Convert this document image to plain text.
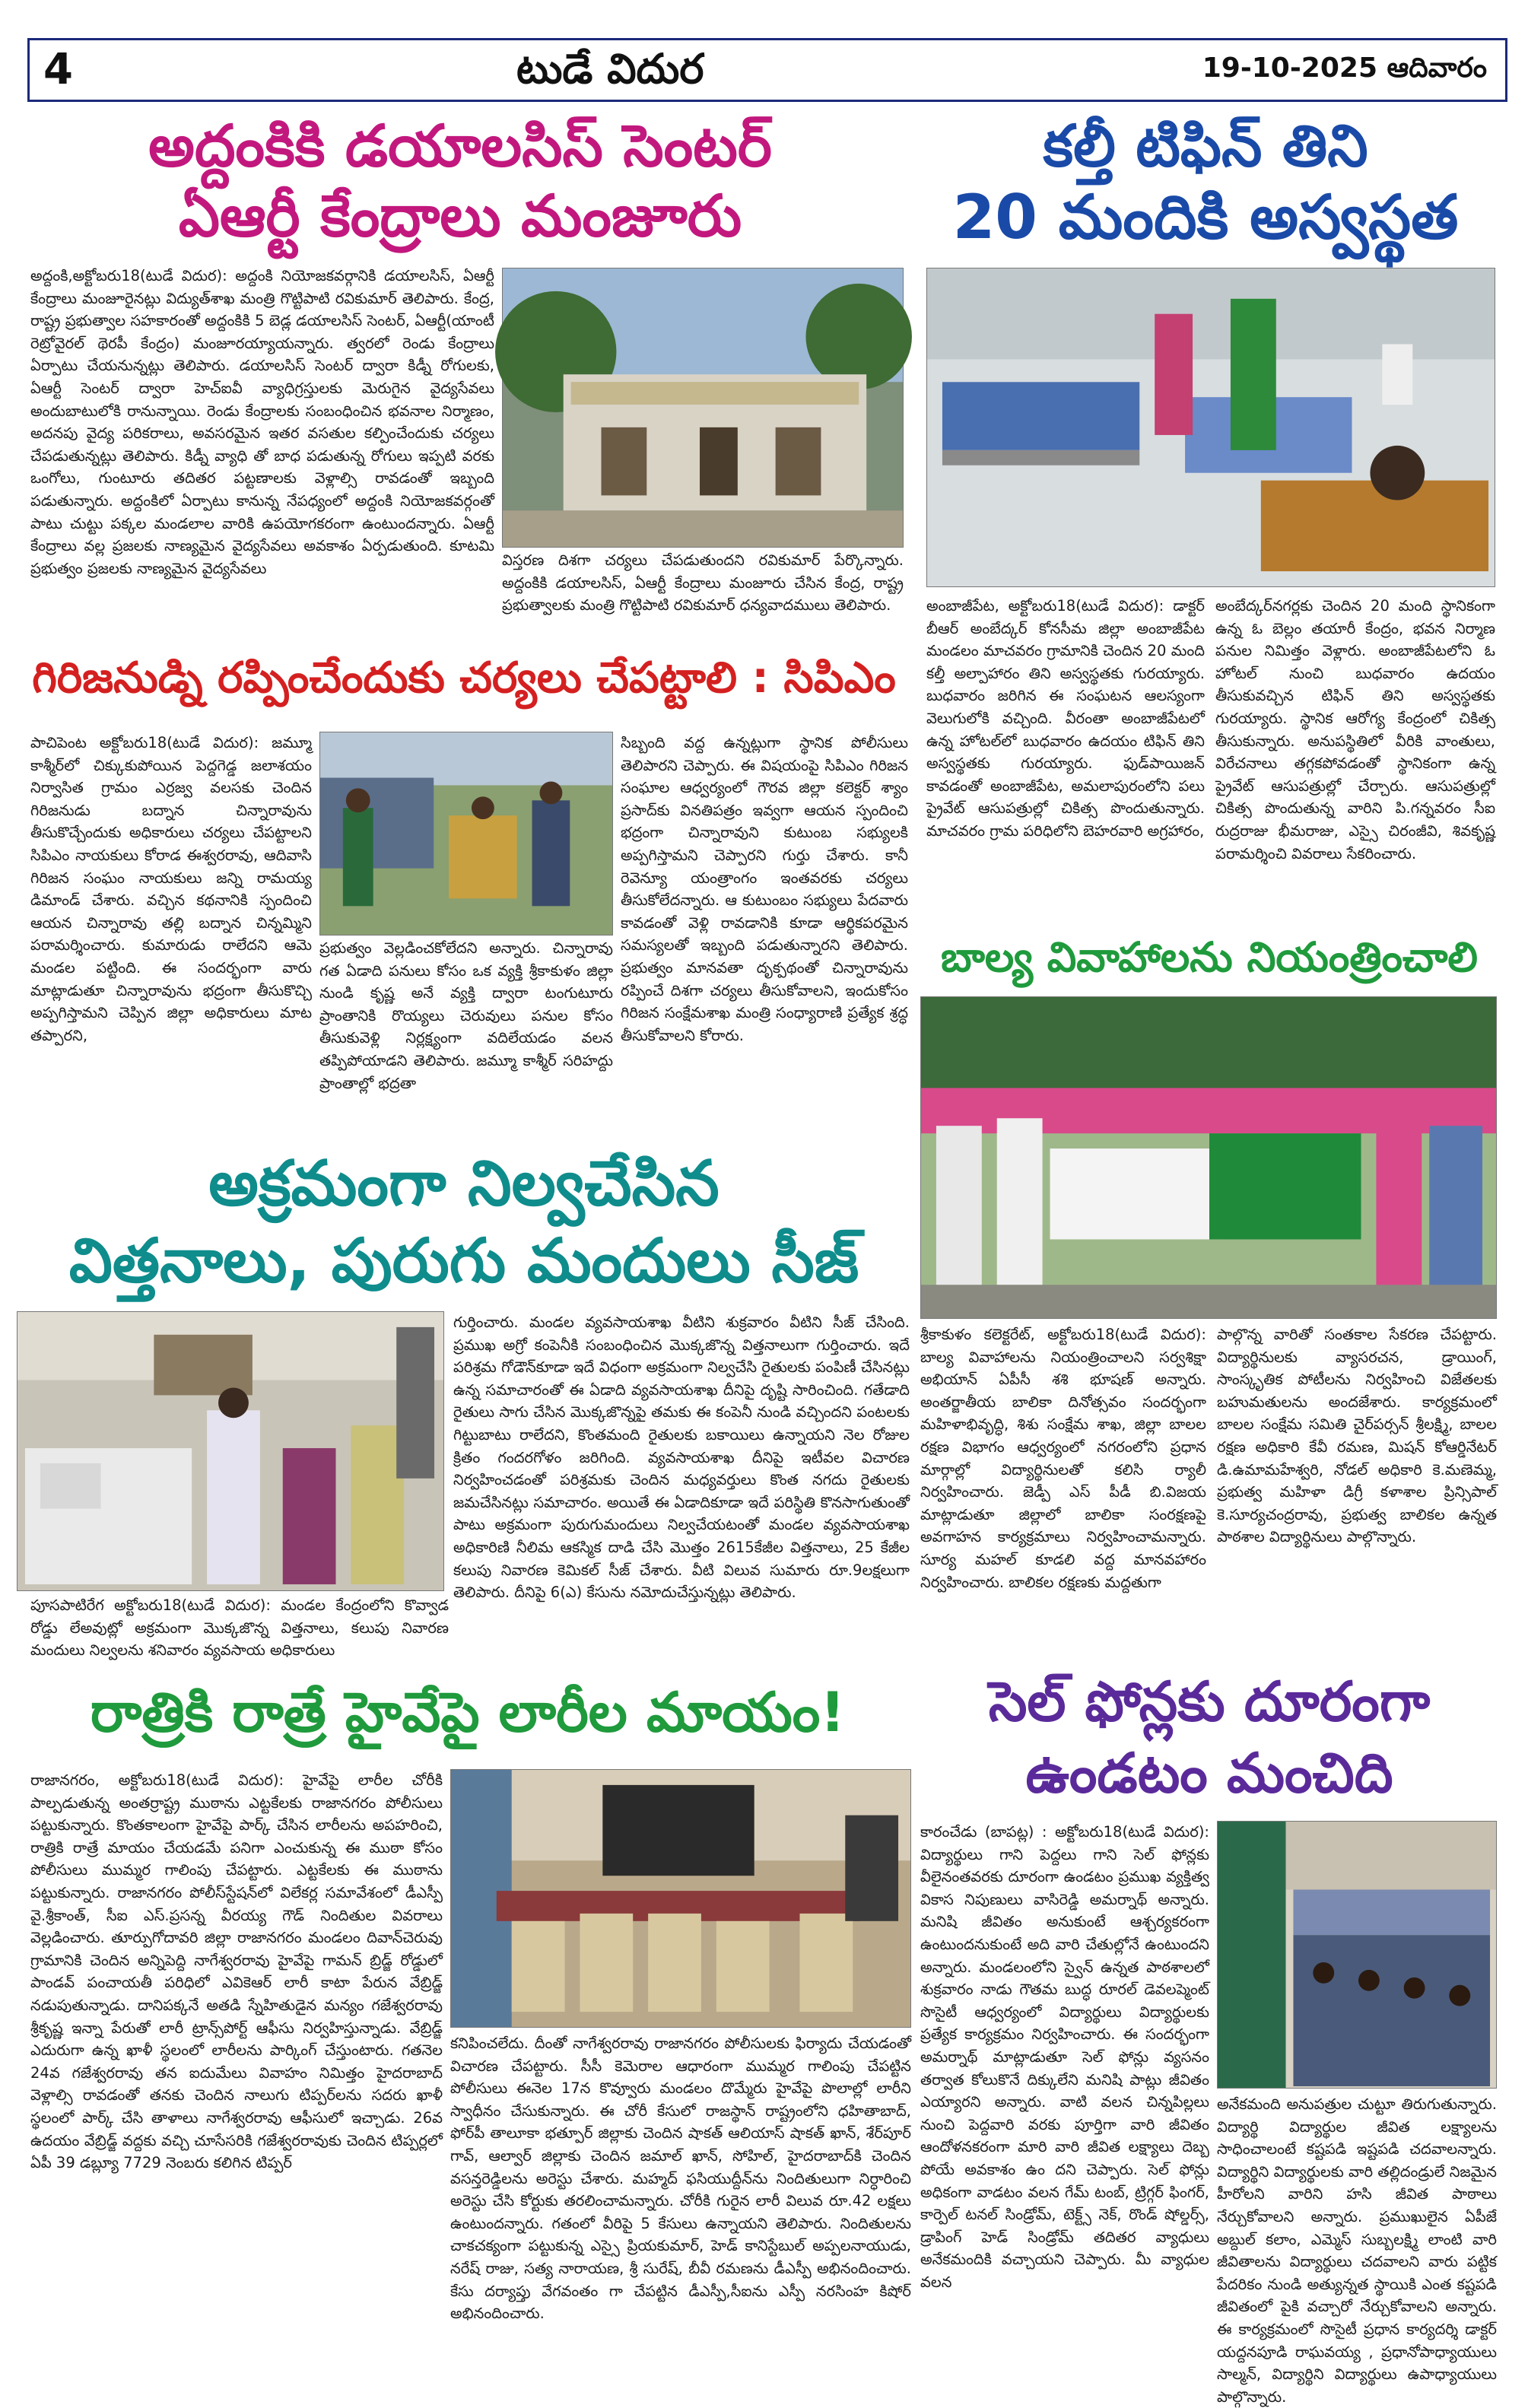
4	టుడే విదుర	19-10-2025 ఆదివారం
అద్దంకికి డయాలసిస్ సెంటర్
ఏఆర్టీ కేంద్రాలు మంజూరు
అద్దంకి,అక్టోబరు18(టుడే విదుర): అద్దంకి నియోజకవర్గానికి డయాలసిస్, ఏఆర్టీ కేంద్రాలు మంజూరైనట్లు విద్యుత్‌శాఖ మంత్రి గొట్టిపాటి రవికుమార్ తెలిపారు. కేంద్ర, రాష్ట్ర ప్రభుత్వాల సహకారంతో అద్దంకికి 5 బెడ్ల డయాలసిస్ సెంటర్, ఏఆర్టీ(యాంటీ రెట్రోవైరల్ థెరపీ కేంద్రం) మంజూరయ్యాయన్నారు. త్వరలో రెండు కేంద్రాలు ఏర్పాటు చేయనున్నట్లు తెలిపారు. డయాలసిస్ సెంటర్ ద్వారా కిడ్నీ రోగులకు, ఏఆర్టీ సెంటర్ ద్వారా హెచ్ఐవీ వ్యాధిగ్రస్తులకు మెరుగైన వైద్యసేవలు అందుబాటులోకి రానున్నాయి. రెండు కేంద్రాలకు సంబంధించిన భవనాల నిర్మాణం, అదనపు వైద్య పరికరాలు, అవసరమైన ఇతర వసతుల కల్పించేందుకు చర్యలు చేపడుతున్నట్లు తెలిపారు. కిడ్నీ వ్యాధి తో బాధ పడుతున్న రోగులు ఇప్పటి వరకు ఒంగోలు, గుంటూరు తదితర పట్టణాలకు వెళ్లాల్సి రావడంతో ఇబ్బంది పడుతున్నారు. అద్దంకిలో ఏర్పాటు కానున్న నేపధ్యంలో అద్దంకి నియోజకవర్గంతో పాటు చుట్టు పక్కల మండలాల వారికి ఉపయోగకరంగా ఉంటుందన్నారు. ఏఆర్టీ కేంద్రాలు వల్ల ప్రజలకు నాణ్యమైన వైద్యసేవలు అవకాశం ఏర్పడుతుంది. కూటమి ప్రభుత్వం ప్రజలకు నాణ్యమైన వైద్యసేవలు	విస్తరణ దిశగా చర్యలు చేపడుతుందని రవికుమార్ పేర్కొన్నారు. అద్దంకికి డయాలసిస్, ఏఆర్టీ కేంద్రాలు మంజూరు చేసిన కేంద్ర, రాష్ట్ర ప్రభుత్వాలకు మంత్రి గొట్టిపాటి రవికుమార్ ధన్యవాదములు తెలిపారు.
కల్తీ టిఫిన్ తిని
20 మందికి అస్వస్థత
అంబాజీపేట, అక్టోబరు18(టుడే విదుర): డాక్టర్ బీఆర్ అంబేద్కర్ కోనసీమ జిల్లా అంబాజీపేట మండలం మాచవరం గ్రామానికి చెందిన 20 మంది కల్తీ అల్పాహారం తిని అస్వస్థతకు గురయ్యారు. బుధవారం జరిగిన ఈ సంఘటన ఆలస్యంగా వెలుగులోకి వచ్చింది. వీరంతా అంబాజీపేటలో ఉన్న హోటల్‌లో బుధవారం ఉదయం టిఫిన్ తిని అస్వస్థతకు గురయ్యారు. ఫుడ్‌పాయిజన్ కావడంతో అంబాజీపేట, అమలాపురంలోని పలు ప్రైవేట్ ఆసుపత్రుల్లో చికిత్స పొందుతున్నారు. మాచవరం గ్రామ పరిధిలోని బెహరవారి అగ్రహారం,
అంబేద్కర్‌నగర్లకు చెందిన 20 మంది స్థానికంగా ఉన్న ఓ బెల్లం తయారీ కేంద్రం, భవన నిర్మాణ పనుల నిమిత్తం వెళ్లారు. అంబాజీపేటలోని ఓ హోటల్ నుంచి బుధవారం ఉదయం తీసుకువచ్చిన టిఫిన్ తిని అస్వస్థతకు గురయ్యారు. స్థానిక ఆరోగ్య కేంద్రంలో చికిత్స తీసుకున్నారు. అనుపస్థితిలో వీరికి వాంతులు, విరేచనాలు తగ్గకపోవడంతో స్థానికంగా ఉన్న ప్రైవేట్ ఆసుపత్రుల్లో చేర్చారు. ఆసుపత్రుల్లో చికిత్స పొందుతున్న వారిని పి.గన్నవరం సీఐ రుద్రరాజు భీమరాజు, ఎస్సై చిరంజీవి, శివకృష్ణ పరామర్శించి వివరాలు సేకరించారు.
గిరిజనుడ్ని రప్పించేందుకు చర్యలు చేపట్టాలి : సిపిఎం
పాచిపెంట అక్టోబరు18(టుడే విదుర): జమ్మూ కాశ్మీర్‌లో చిక్కుకుపోయిన పెద్దగెడ్డ జలాశయం నిర్వాసిత గ్రామం ఎర్రజ్వ వలసకు చెందిన గిరిజనుడు బద్నాన చిన్నారావును తీసుకొచ్చేందుకు అధికారులు చర్యలు చేపట్టాలని సిపిఎం నాయకులు కోరాడ ఈశ్వరరావు, ఆదివాసి గిరిజన సంఘం నాయకులు జన్ని రామయ్య డిమాండ్ చేశారు. వచ్చిన కథనానికి స్పందించి ఆయన చిన్నారావు తల్లి బద్నాన చిన్నమ్మిని పరామర్శించారు. కుమారుడు రాలేదని ఆమె మండల పట్టింది. ఈ సందర్భంగా వారు మాట్లాడుతూ చిన్నారావును భద్రంగా తీసుకొచ్చి అప్పగిస్తామని చెప్పిన జిల్లా అధికారులు మాట తప్పారని,
ప్రభుత్వం వెల్లడించకోలేదని అన్నారు. చిన్నారావు గత ఏడాది పనులు కోసం ఒక వ్యక్తి శ్రీకాకుళం జిల్లా నుండి కృష్ణ అనే వ్యక్తి ద్వారా టంగుటూరు ప్రాంతానికి రొయ్యలు చెరువులు పనుల కోసం తీసుకువెళ్లి నిర్లక్ష్యంగా వదిలేయడం వలన తప్పిపోయాడని తెలిపారు. జమ్మూ కాశ్మీర్ సరిహద్దు ప్రాంతాల్లో భద్రతా
సిబ్బంది వద్ద ఉన్నట్లుగా స్థానిక పోలీసులు తెలిపారని చెప్పారు. ఈ విషయంపై సిపిఎం గిరిజన సంఘాల ఆధ్వర్యంలో గౌరవ జిల్లా కలెక్టర్ శ్యాం ప్రసాద్‌కు వినతిపత్రం ఇవ్వగా ఆయన స్పందించి భద్రంగా చిన్నారావుని కుటుంబ సభ్యులకి అప్పగిస్తామని చెప్పారని గుర్తు చేశారు. కానీ రెవెన్యూ యంత్రాంగం ఇంతవరకు చర్యలు తీసుకోలేదన్నారు. ఆ కుటుంబం సభ్యులు పేదవారు కావడంతో వెళ్లి రావడానికి కూడా ఆర్థికపరమైన సమస్యలతో ఇబ్బంది పడుతున్నారని తెలిపారు. ప్రభుత్వం మానవతా దృక్పథంతో చిన్నారావును రప్పించే దిశగా చర్యలు తీసుకోవాలని, ఇందుకోసం గిరిజన సంక్షేమశాఖ మంత్రి సంధ్యారాణి ప్రత్యేక శ్రద్ధ తీసుకోవాలని కోరారు.
బాల్య వివాహాలను నియంత్రించాలి
శ్రీకాకుళం కలెక్టరేట్, అక్టోబరు18(టుడే విదుర): బాల్య వివాహాలను నియంత్రించాలని సర్వశిక్షా అభియాన్ ఏపీసీ శశి భూషణ్ అన్నారు. అంతర్జాతీయ బాలికా దినోత్సవం సందర్భంగా మహిళాభివృద్ధి, శిశు సంక్షేమ శాఖ, జిల్లా బాలల రక్షణ విభాగం ఆధ్వర్యంలో నగరంలోని ప్రధాన మార్గాల్లో విద్యార్థినులతో కలిసి ర్యాలీ నిర్వహించారు. జెడ్పీ ఎస్ పీడీ బి.విజయ మాట్లాడుతూ జిల్లాలో బాలికా సంరక్షణపై అవగాహన కార్యక్రమాలు నిర్వహించామన్నారు. సూర్య మహల్ కూడలి వద్ద మానవహారం నిర్వహించారు. బాలికల రక్షణకు మద్దతుగా
పాల్గొన్న వారితో సంతకాల సేకరణ చేపట్టారు. విద్యార్థినులకు వ్యాసరచన, డ్రాయింగ్, సాంస్కృతిక పోటీలను నిర్వహించి విజేతలకు బహుమతులను అందజేశారు. కార్యక్రమంలో బాలల సంక్షేమ సమితి చైర్‌పర్సన్ శ్రీలక్ష్మి, బాలల రక్షణ అధికారి కేవీ రమణ, మిషన్ కోఆర్డినేటర్ డి.ఉమామహేశ్వరి, నోడల్ అధికారి కె.మణెమ్మ, ప్రభుత్వ మహిళా డిగ్రీ కళాశాల ప్రిన్సిపాల్ కె.సూర్యచంద్రరావు, ప్రభుత్వ బాలికల ఉన్నత పాఠశాల విద్యార్థినులు పాల్గొన్నారు.
అక్రమంగా నిల్వచేసిన
విత్తనాలు, పురుగు మందులు సీజ్
గుర్తించారు. మండల వ్యవసాయశాఖ వీటిని శుక్రవారం వీటిని సీజ్ చేసింది. ప్రముఖ అగ్రో కంపెనీకి సంబంధించిన మొక్కజొన్న విత్తనాలుగా గుర్తించారు. ఇదే పరిశ్రమ గోడౌన్‌కూడా ఇదే విధంగా అక్రమంగా నిల్వచేసి రైతులకు పంపిణీ చేసినట్లు ఉన్న సమాచారంతో ఈ ఏడాది వ్యవసాయశాఖ దీనిపై దృష్టి సారించింది. గతేడాది రైతులు సాగు చేసిన మొక్కజొన్నపై తమకు ఈ కంపెనీ నుండి వచ్చిందని పంటలకు గిట్టుబాటు రాలేదని, కొంతమంది రైతులకు బకాయిలు ఉన్నాయని నెల రోజుల క్రితం గందరగోళం జరిగింది. వ్యవసాయశాఖ దీనిపై ఇటీవల విచారణ నిర్వహించడంతో పరిశ్రమకు చెందిన మధ్యవర్తులు కొంత నగదు రైతులకు జమచేసినట్లు సమాచారం. అయితే ఈ ఏడాదికూడా ఇదే పరిస్థితి కొనసాగుతుంతో పాటు అక్రమంగా పురుగుమందులు నిల్వచేయటంతో మండల వ్యవసాయశాఖ అధికారిణి నీలిమ ఆకస్మిక దాడి చేసి మొత్తం 2615కేజీల విత్తనాలు, 25 కేజీల కలుపు నివారణ కెమికల్ సీజ్ చేశారు. వీటి విలువ సుమారు రూ.9లక్షలుగా తెలిపారు. దీనిపై 6(ఎ) కేసును నమోదుచేస్తున్నట్లు తెలిపారు.
పూసపాటిరేగ అక్టోబరు18(టుడే విదుర): మండల కేంద్రంలోని కొవ్వాడ రోడ్డు లేఅవుట్లో అక్రమంగా మొక్కజొన్న విత్తనాలు, కలుపు నివారణ మందులు నిల్వలను శనివారం వ్యవసాయ అధికారులు
రాత్రికి రాత్రే హైవేపై లారీల మాయం!
రాజానగరం, అక్టోబరు18(టుడే విదుర): హైవేపై లారీల చోరీకి పాల్పడుతున్న అంతర్రాష్ట్ర ముఠాను ఎట్టకేలకు రాజానగరం పోలీసులు పట్టుకున్నారు. కొంతకాలంగా హైవేపై పార్క్ చేసిన లారీలను అపహరించి, రాత్రికి రాత్రే మాయం చేయడమే పనిగా ఎంచుకున్న ఈ ముఠా కోసం పోలీసులు ముమ్మర గాలింపు చేపట్టారు. ఎట్టకేలకు ఈ ముఠాను పట్టుకున్నారు. రాజానగరం పోలీస్‌స్టేషన్‌లో విలేకర్ల సమావేశంలో డీఎస్పీ వై.శ్రీకాంత్, సీఐ ఎస్.ప్రసన్న వీరయ్య గౌడ్ నిందితుల వివరాలు వెల్లడించారు. తూర్పుగోదావరి జిల్లా రాజానగరం మండలం దివాన్‌చెరువు గ్రామానికి చెందిన అన్నిపెద్ది నాగేశ్వరరావు హైవేపై గామన్ బ్రిడ్జ్ రోడ్డులో పాండవ్ పంచాయతీ పరిధిలో ఎవికెఆర్ లారీ కాటా పేరున వేబ్రిడ్జ్ నడుపుతున్నాడు. దానిపక్కనే అతడి స్నేహితుడైన మన్యం గజేశ్వరరావు శ్రీకృష్ణ ఇన్నా పేరుతో లారీ ట్రాన్స్‌పోర్ట్ ఆఫీసు నిర్వహిస్తున్నాడు. వేబ్రిడ్జ్ ఎదురుగా ఉన్న ఖాళీ స్థలంలో లారీలను పార్కింగ్ చేస్తుంటారు. గతనెల 24వ గజేశ్వరరావు తన ఐదుమేలు వివాహం నిమిత్తం హైదరాబాద్ వెళ్లాల్సి రావడంతో తనకు చెందిన నాలుగు టిప్పర్‌లను సదరు ఖాళీ స్థలంలో పార్క్ చేసి తాళాలు నాగేశ్వరరావు ఆఫీసులో ఇచ్చాడు. 26వ ఉదయం వేబ్రిడ్జ్ వద్దకు వచ్చి చూసేసరికి గజేశ్వరరావుకు చెందిన టిప్పర్లలో ఏపీ 39 డబ్ల్యూ 7729 నెంబరు కలిగిన టిప్పర్
కనిపించలేదు. దీంతో నాగేశ్వరరావు రాజానగరం పోలీసులకు ఫిర్యాదు చేయడంతో విచారణ చేపట్టారు. సీసీ కెమెరాల ఆధారంగా ముమ్మర గాలింపు చేపట్టిన పోలీసులు ఈనెల 17న కొవ్వూరు మండలం దొమ్మేరు హైవేపై పొలాల్లో లారీని స్వాధీనం చేసుకున్నారు. ఈ చోరీ కేసులో రాజస్థాన్ రాష్ట్రంలోని ధహితాబాద్, ఫోర్‌పీ తాలూకా భత్పూర్ జిల్లాకు చెందిన షాకత్ ఆలియాస్ షాకత్ ఖాన్, శేర్‌పూర్ గావ్, ఆల్వార్ జిల్లాకు చెందిన జమాల్ ఖాన్, సోహిల్, హైదరాబాద్‌కి చెందిన వసన్తరెడ్డిలను అరెస్టు చేశారు. మహ్మద్ ఫసియుద్దీన్‌ను నిందితులుగా నిర్ధారించి అరెస్టు చేసి కోర్టుకు తరలించామన్నారు. చోరీకి గురైన లారీ విలువ రూ.42 లక్షలు ఉంటుందన్నారు. గతంలో వీరిపై 5 కేసులు ఉన్నాయని తెలిపారు. నిందితులను చాకచక్యంగా పట్టుకున్న ఎస్సై ప్రియకుమార్, హెడ్ కానిస్టేబుల్ అప్పలనాయుడు, నరేష్ రాజు, సత్య నారాయణ, శ్రీ సురేష్, బీవీ రమణను డీఎస్పీ అభినందించారు. కేసు దర్యాప్తు వేగవంతం గా చేపట్టిన డీఎస్పీ,సీఐను ఎస్పీ నరసింహ కిషోర్ అభినందించారు.
సెల్ ఫోన్లకు దూరంగా
ఉండటం మంచిది
కారంచేడు (బాపట్ల) : అక్టోబరు18(టుడే విదుర): విద్యార్థులు గాని పెద్దలు గాని సెల్ ఫోన్లకు వీలైనంతవరకు దూరంగా ఉండటం ప్రముఖ వ్యక్తిత్వ వికాస నిపుణులు వాసిరెడ్డి అమర్నాథ్ అన్నారు. మనిషి జీవితం అనుకుంటే ఆశ్చర్యకరంగా ఉంటుందనుకుంటే అది వారి చేతుల్లోనే ఉంటుందని అన్నారు. మండలంలోని స్వైన్ ఉన్నత పాఠశాలలో శుక్రవారం నాడు గౌతమ బుద్ధ రూరల్ డెవలప్మెంట్ సొసైటీ ఆధ్వర్యంలో విద్యార్థులు విద్యార్థులకు ప్రత్యేక కార్యక్రమం నిర్వహించారు. ఈ సందర్భంగా అమర్నాథ్ మాట్లాడుతూ సెల్ ఫోన్లు వ్యసనం తర్వాత కోలుకొనే దిక్కులేని మనిషి పాట్లు జీవితం ఎయ్యారని అన్నారు. వాటి వలన చిన్నపిల్లలు నుంచి పెద్దవారి వరకు పూర్తిగా వారి జీవితం ఆందోళనకరంగా మారి వారి జీవిత లక్ష్యాలు దెబ్బ పోయే అవకాశం ఉం దని చెప్పారు. సెల్ ఫోన్లు అధికంగా వాడటం వలన గేమ్ టంబ్, ట్రిగ్గర్ ఫింగర్, కార్పెల్ టనల్ సిండ్రోమ్, టెక్ట్స్ నెక్, రొండ్ షోల్డర్స్, డ్రాపింగ్ హెడ్ సిండ్రోమ్ తదితర వ్యాధులు అనేకమందికి వచ్చాయని చెప్పారు. మీ వ్యాధుల వలన
అనేకమంది అనుపత్రుల చుట్టూ తిరుగుతున్నారు. విద్యార్థి విద్యార్థుల జీవిత లక్ష్యాలను సాధించాలంటే కష్టపడి ఇష్టపడి చదవాలన్నారు. విద్యార్థిని విద్యార్థులకు వారి తల్లిదండ్రులే నిజమైన హీరోలని వారిని హసి జీవిత పాఠాలు నేర్చుకోవాలని అన్నారు. ప్రముఖులైన ఏపీజే అబ్దుల్ కలాం, ఎమ్మెస్ సుబ్బలక్ష్మి లాంటి వారి జీవితాలను విద్యార్థులు చదవాలని వారు పట్టిక పేదరికం నుండి అత్యున్నత స్థాయికి ఎంత కష్టపడి జీవితంలో పైకి వచ్చారో నేర్చుకోవాలని అన్నారు. ఈ కార్యక్రమంలో సొసైటీ ప్రధాన కార్యదర్శి డాక్టర్ యద్దనపూడి రాఘవయ్య , ప్రధానోపాధ్యాయులు సాల్మన్, విద్యార్థిని విద్యార్థులు ఉపాధ్యాయులు పాల్గొన్నారు.
